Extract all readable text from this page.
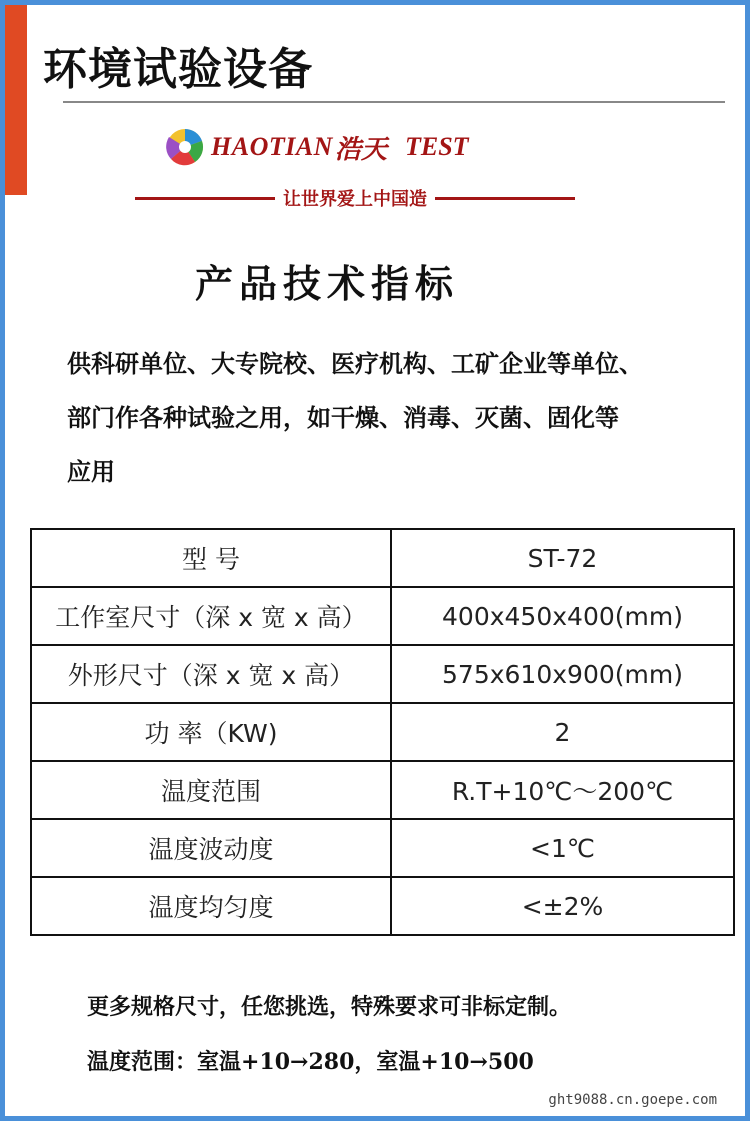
环境试验设备
HAOTIAN 浩天 TEST
让世界爱上中国造
产品技术指标
供科研单位、大专院校、医疗机构、工矿企业等单位、
部门作各种试验之用，如干燥、消毒、灭菌、固化等
应用
型 号	ST-72
工作室尺寸（深 x 宽 x 高）	400x450x400(mm)
外形尺寸（深 x 宽 x 高）	575x610x900(mm)
功 率（KW)	2
温度范围	R.T+10℃～200℃
温度波动度	<1℃
温度均匀度	<±2%
更多规格尺寸，任您挑选，特殊要求可非标定制。
温度范围：室温+10→280，室温+10→500
ght9088.cn.goepe.com
